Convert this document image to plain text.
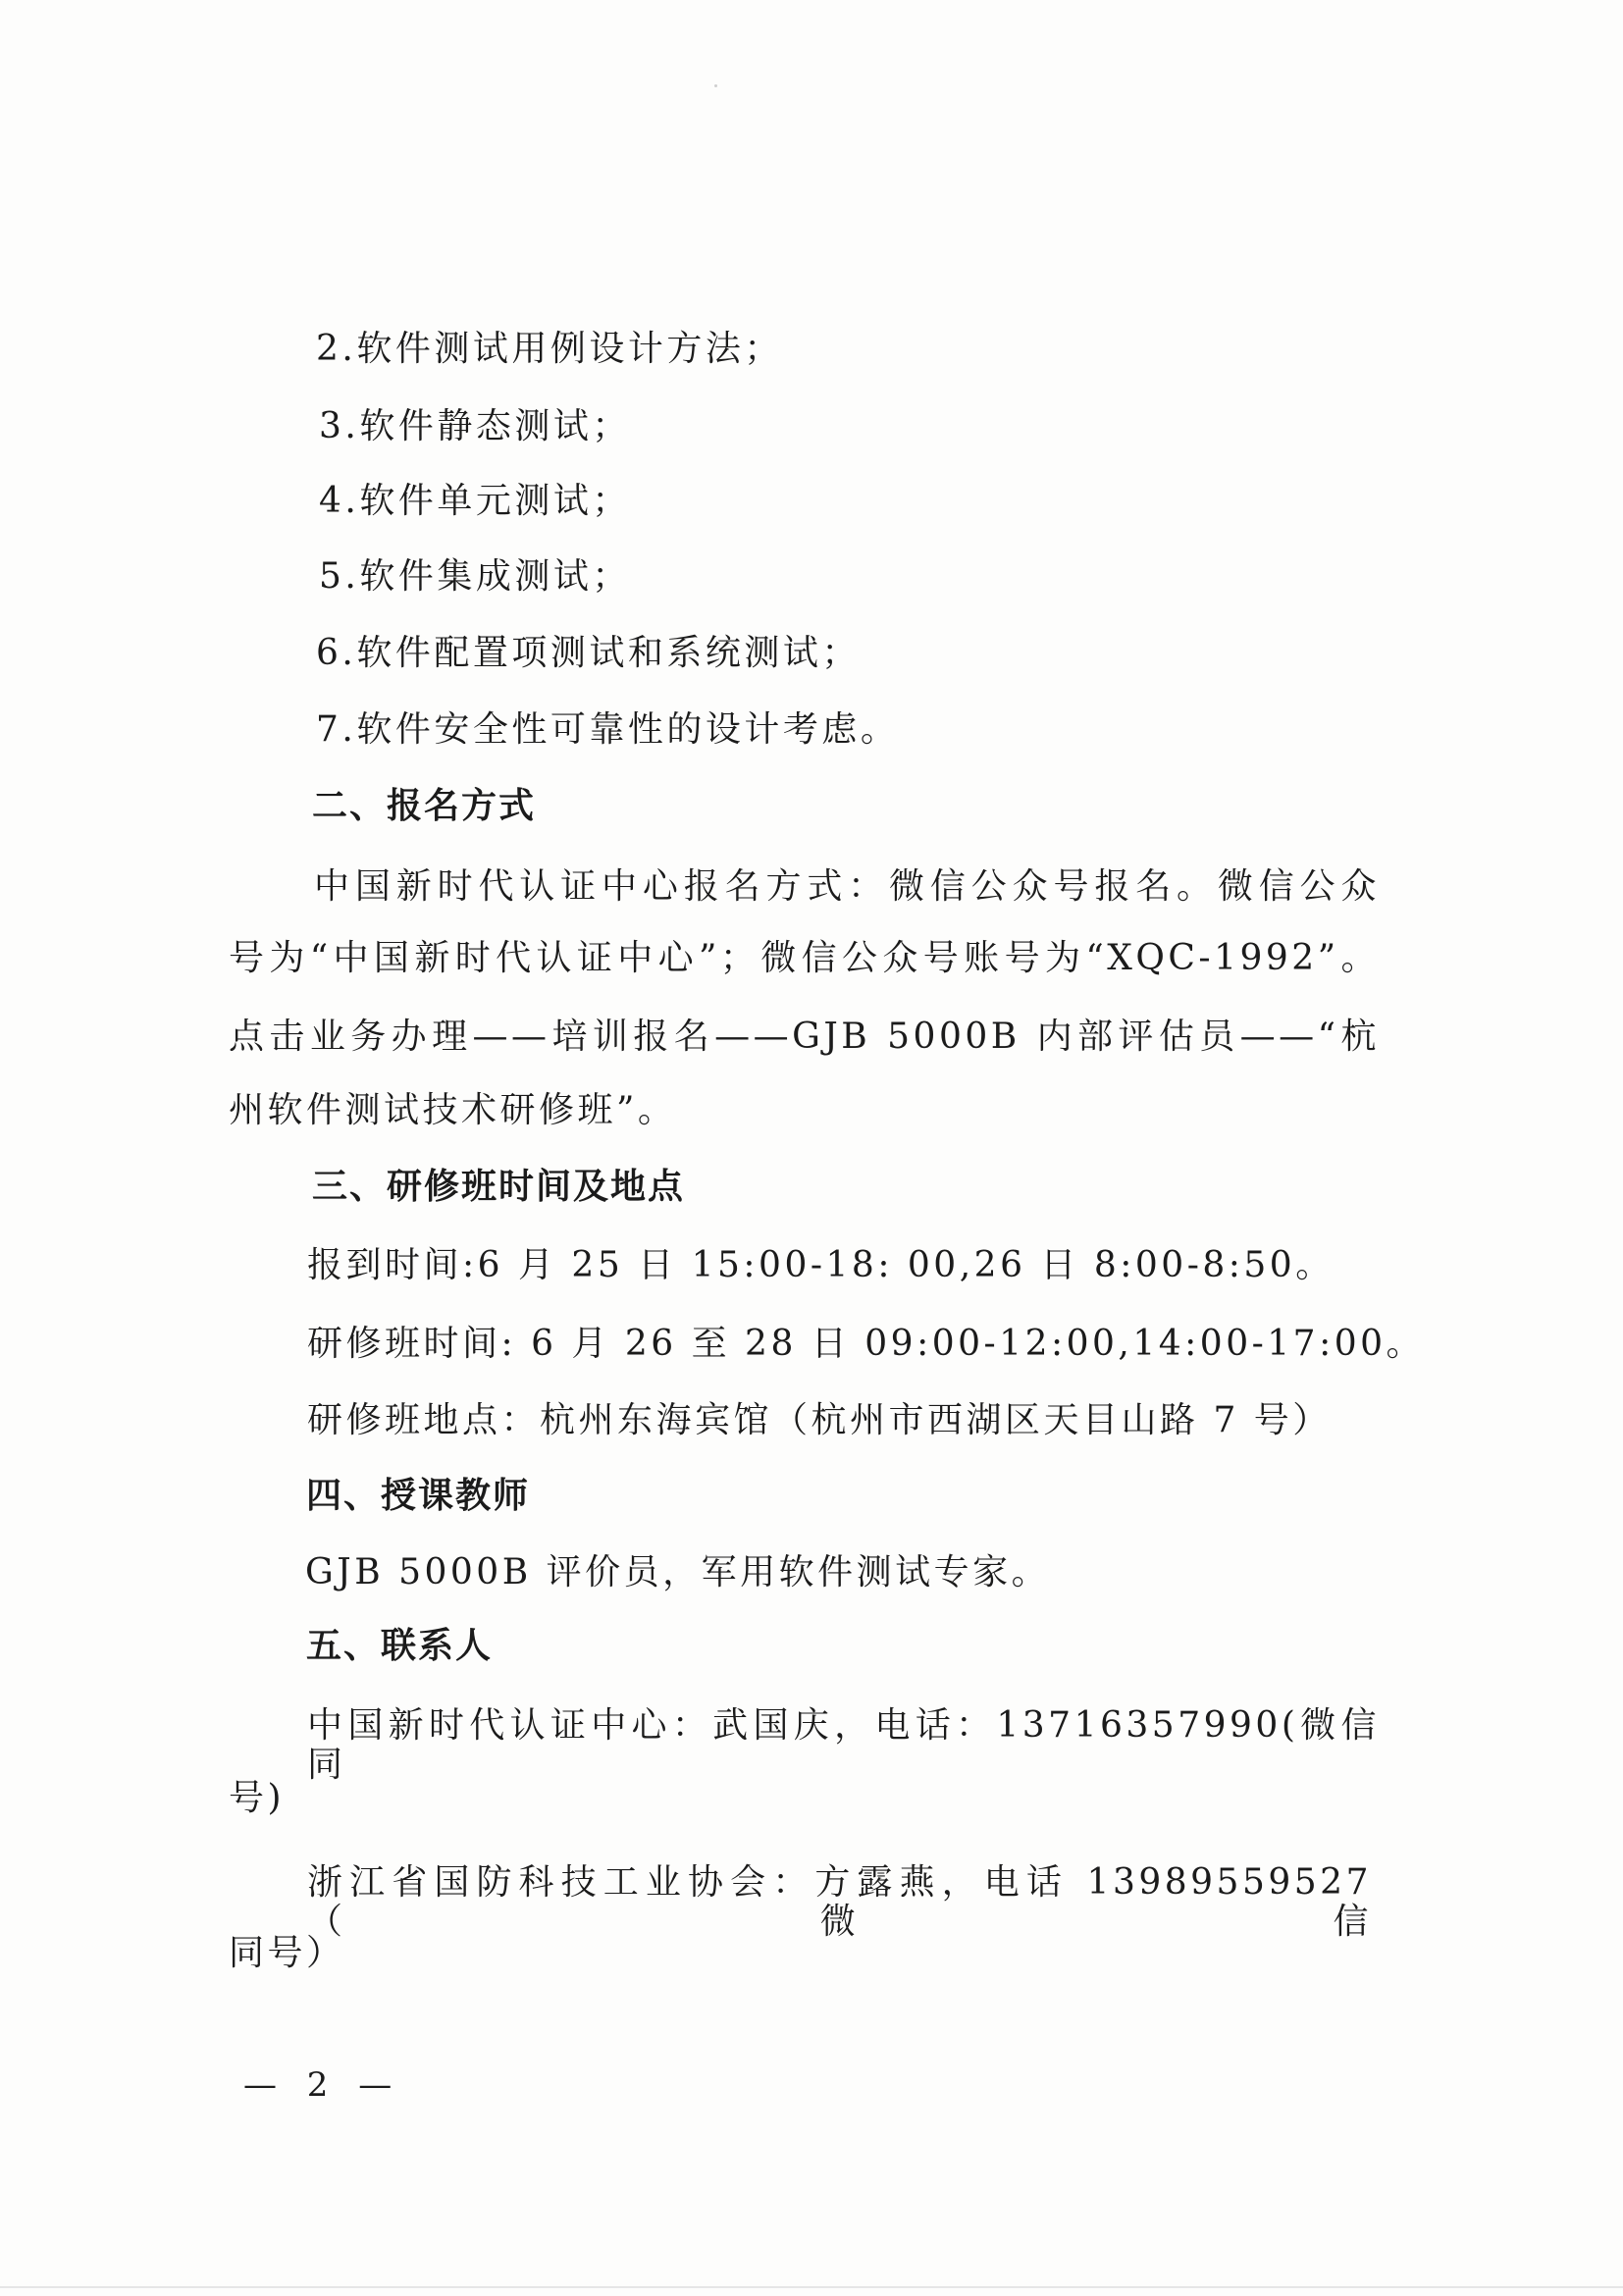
2.软件测试用例设计方法；
3.软件静态测试；
4.软件单元测试；
5.软件集成测试；
6.软件配置项测试和系统测试；
7.软件安全性可靠性的设计考虑。
二、报名方式
中国新时代认证中心报名方式：微信公众号报名。微信公众
号为“中国新时代认证中心”；微信公众号账号为“XQC-1992”。
点击业务办理——培训报名——GJB 5000B 内部评估员——“杭
州软件测试技术研修班”。
三、研修班时间及地点
报到时间:6 月 25 日 15:00-18: 00,26 日 8:00-8:50。
研修班时间: 6 月 26 至 28 日 09:00-12:00,14:00-17:00。
研修班地点：杭州东海宾馆（杭州市西湖区天目山路 7 号）
四、授课教师
GJB 5000B 评价员，军用软件测试专家。
五、联系人
中国新时代认证中心：武国庆，电话：13716357990(微信同
号)
浙江省国防科技工业协会：方露燕，电话 13989559527（微信
同号）
— 2 —
